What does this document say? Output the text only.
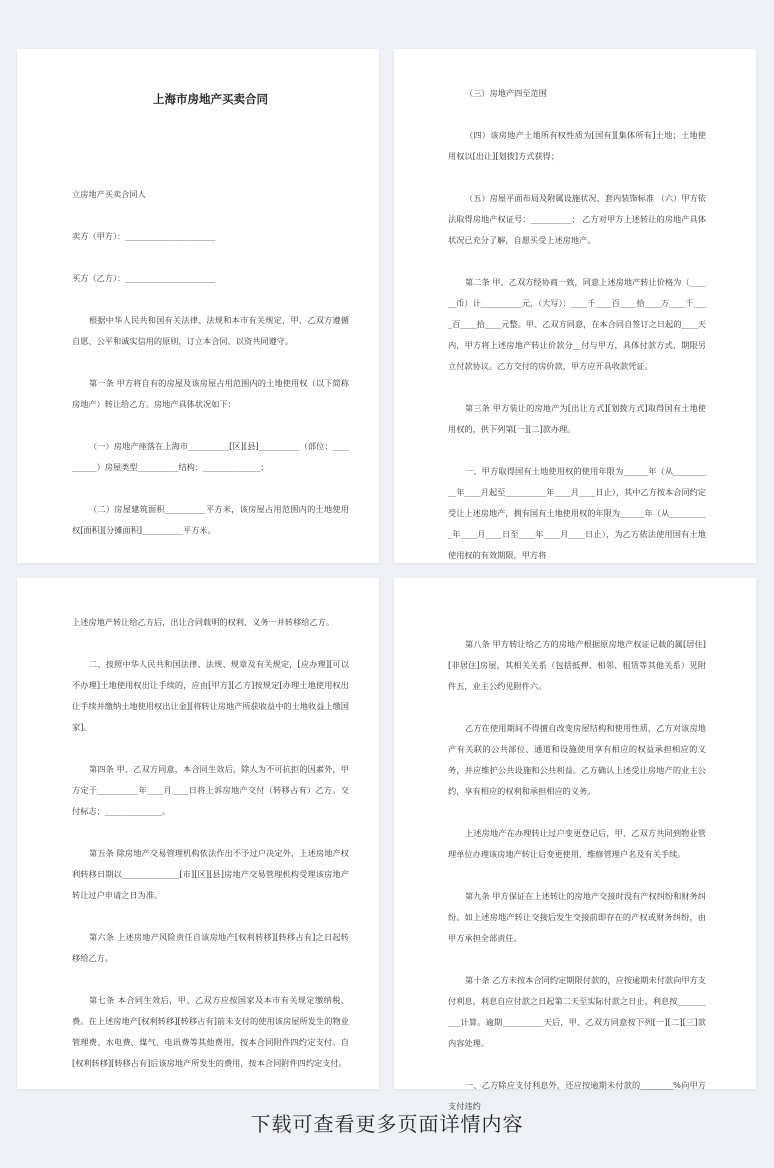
上海市房地产买卖合同

立房地产买卖合同人

卖方（甲方）：______________________

买方（乙方）：______________________

根据中华人民共和国有关法律、法规和本市有关规定，甲、乙双方遵循自愿、公平和诚实信用的原则，订立本合同，以资共同遵守。

第一条 甲方将自有的房屋及该房屋占用范围内的土地使用权（以下简称房地产）转让给乙方。房地产具体状况如下：

（一）房地产座落在上海市__________[区][县]__________（部位：__________）房屋类型__________结构：______________；

（二）房屋建筑面积__________平方米，该房屋占用范围内的土地使用权[面积][分摊面积]__________平方米。

（三）房地产四至范围

（四）该房地产土地所有权性质为[国有][集体所有]土地；土地使用权以[出让][划拨]方式获得；

（五）房屋平面布局及附属设施状况、套内装饰标准 （六）甲方依法取得房地产权证号：__________； 乙方对甲方上述转让的房地产具体状况已充分了解，自愿买受上述房地产。

第二条 甲、乙双方经协商一致，同意上述房地产转让价格为（______币）计__________元，（大写）：____千____百____拾____万____千____百____拾____元整。甲、乙双方同意，在本合同自签订之日起的____天内，甲方将上述房地产转让价款分__付与甲方，具体付款方式，期限另立付款协议。乙方交付的房价款，甲方应开具收款凭证。

第三条 甲方装让的房地产为[出让方式][划拨方式]取得国有土地使用权的，供下列第[一][二]款办理。

一、甲方取得国有土地使用权的使用年限为______年（从__________年____月起至__________年____月____日止），其中乙方按本合同约定受让上述房地产，拥有国有土地使用权的年限为______年（从__________年____月____日至____年____月____日止），为乙方依法使用国有土地使用权的有效期限，甲方将

上述房地产转让给乙方后，出让合同载明的权利、义务一并转移给乙方。

二、按照中华人民共和国法律、法规、规章及有关规定，[应办理][可以不办理]土地使用权出让手续的，应由[甲方][乙方]按规定[办理土地使用权出让手续并缴纳土地使用权出让金][将转让房地产所获收益中的土地收益上缴国家]。

第四条 甲、乙双方同意，本合同生效后，除人为不可抗拒的因素外，甲方定于__________年____月____日将上诉房地产交付（转移占有）乙方。交付标志：______________。

第五条 除房地产交易管理机构依法作出不予过户决定外，上述房地产权利转移日期以______________[市][区][县]房地产交易管理机构受理该房地产转让过户申请之日为准。

第六条 上述房地产风险责任自该房地产[权利转移][转移占有]之日起转移给乙方。

第七条 本合同生效后，甲、乙双方应按国家及本市有关规定缴纳税、费。在上述房地产[权利转移][转移占有]前未支付的使用该房屋所发生的物业管理费、水电费、煤气、电讯费等其他费用，按本合同附件四约定支付。自[权利转移][转移占有]后该房地产所发生的费用，按本合同附件四约定支付。

第八条 甲方转让给乙方的房地产根据原房地产权证记载的属[居住][非居住]房屋，其相关关系（包括抵押、相邻、租赁等其他关系）见附件五，业主公约见附件六。

乙方在使用期间不得擅自改变房屋结构和使用性质，乙方对该房地产有关联的公共部位、通道和设施使用享有相应的权益承担相应的义务，并应维护公共设施和公共利益。乙方确认上述受让房地产的业主公约，享有相应的权利和承担相应的义务。

上述房地产在办理转让过户变更登记后，甲、乙双方共同到物业管理单位办理该房地产转让后变更使用、维修管理户名及有关手续。

第九条 甲方保证在上述转让的房地产交接时没有产权纠纷和财务纠纷。如上述房地产转让交接后发生交接前即存在的产权或财务纠纷，由甲方承担全部责任。

第十条 乙方未按本合同约定期限付款的，应按逾期未付款向甲方支付利息，利息自应付款之日起第二天至实际付款之日止，利息按__________计算。逾期__________天后，甲、乙双方同意按下列[一][二][三]款内容处理。

一、乙方除应支付利息外，还应按逾期未付款的________%向甲方支付违约

下载可查看更多页面详情内容
